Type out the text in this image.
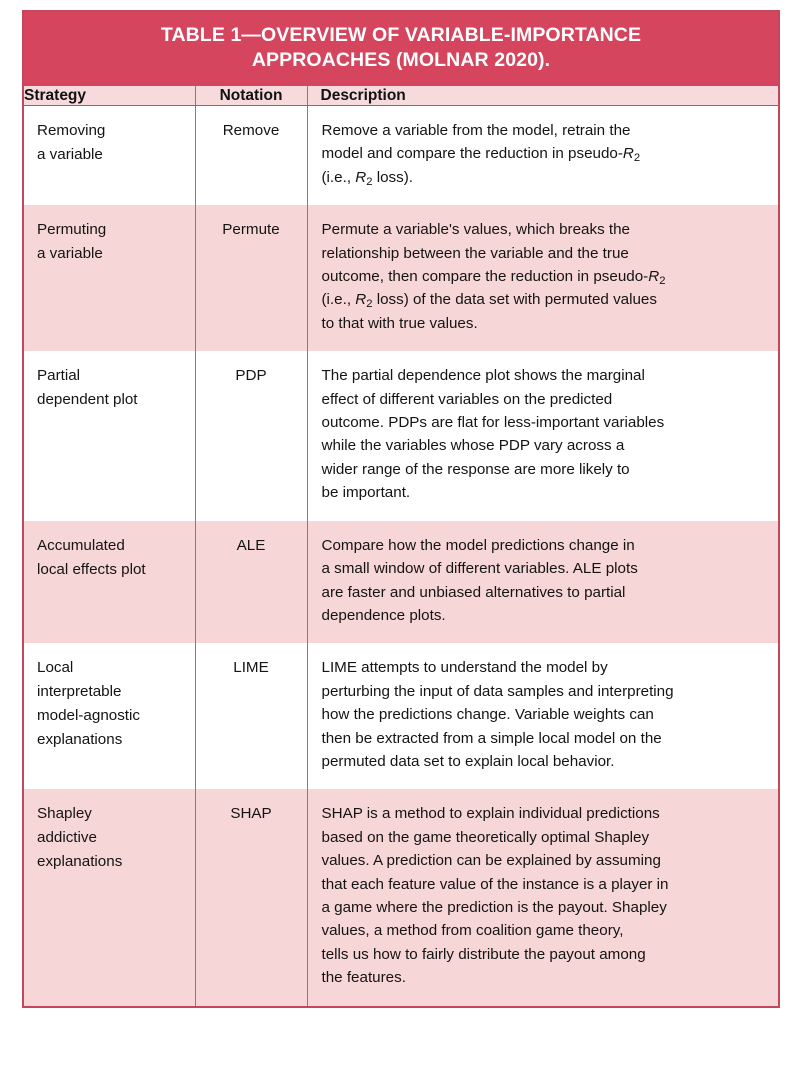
TABLE 1—OVERVIEW OF VARIABLE-IMPORTANCE
APPROACHES (MOLNAR 2020).
Strategy	Notation	Description

Removing
a variable	Remove	Remove a variable from the model, retrain the
model and compare the reduction in pseudo-$R_2$
(i.e., $R_2$ loss).

Permuting
a variable	Permute	Permute a variable's values, which breaks the
relationship between the variable and the true
outcome, then compare the reduction in pseudo-$R_2$
(i.e., $R_2$ loss) of the data set with permuted values
to that with true values.

Partial
dependent plot
	PDP	The partial dependence plot shows the marginal
effect of different variables on the predicted
outcome. PDPs are flat for less-important variables
while the variables whose PDP vary across a
wider range of the response are more likely to
be important.

Accumulated
local effects plot	ALE	Compare how the model predictions change in
a small window of different variables. ALE plots
are faster and unbiased alternatives to partial
dependence plots.

Local
interpretable
model-agnostic
explanations
	LIME	LIME attempts to understand the model by
perturbing the input of data samples and interpreting
how the predictions change. Variable weights can
then be extracted from a simple local model on the
permuted data set to explain local behavior.

Shapley
addictive
explanations
	SHAP	SHAP is a method to explain individual predictions
based on the game theoretically optimal Shapley
values. A prediction can be explained by assuming
that each feature value of the instance is a player in
a game where the prediction is the payout. Shapley
values, a method from coalition game theory,
tells us how to fairly distribute the payout among
the features.
